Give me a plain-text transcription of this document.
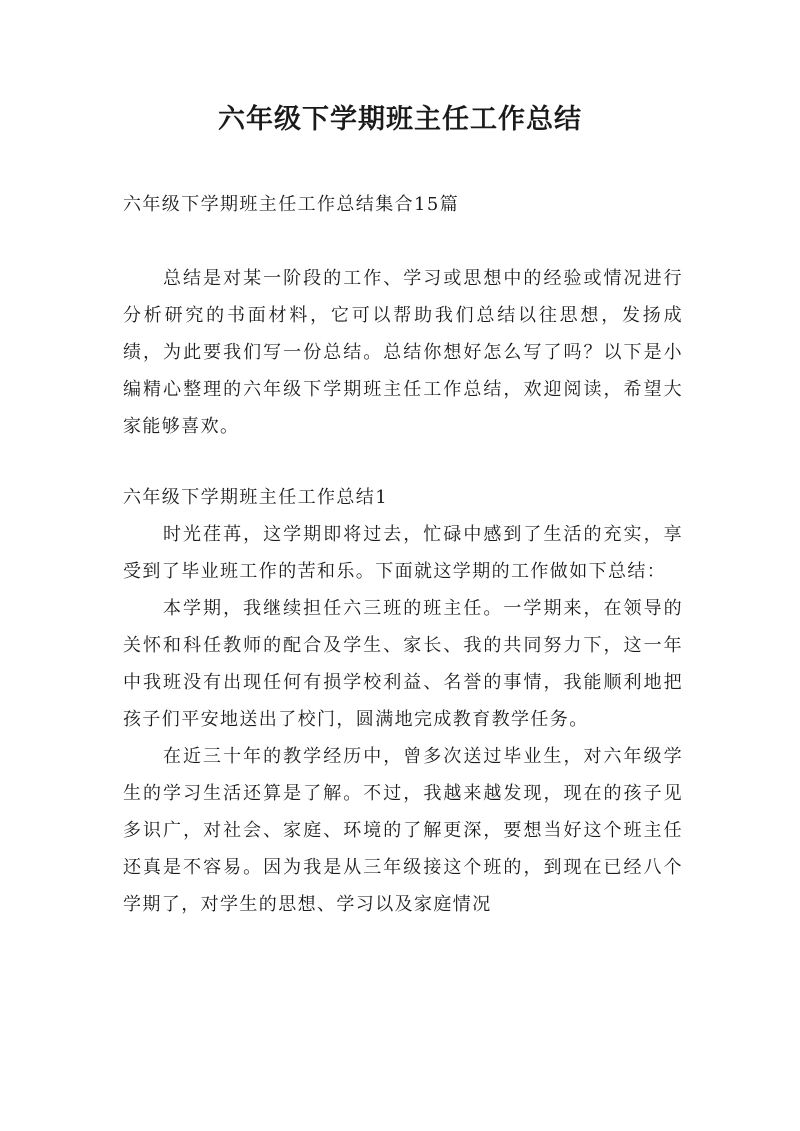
六年级下学期班主任工作总结

六年级下学期班主任工作总结集合15篇

总结是对某一阶段的工作、学习或思想中的经验或情况进行分析研究的书面材料，它可以帮助我们总结以往思想，发扬成绩，为此要我们写一份总结。总结你想好怎么写了吗？以下是小编精心整理的六年级下学期班主任工作总结，欢迎阅读，希望大家能够喜欢。

六年级下学期班主任工作总结1

时光荏苒，这学期即将过去，忙碌中感到了生活的充实，享受到了毕业班工作的苦和乐。下面就这学期的工作做如下总结：

本学期，我继续担任六三班的班主任。一学期来，在领导的关怀和科任教师的配合及学生、家长、我的共同努力下，这一年中我班没有出现任何有损学校利益、名誉的事情，我能顺利地把孩子们平安地送出了校门，圆满地完成教育教学任务。

在近三十年的教学经历中，曾多次送过毕业生，对六年级学生的学习生活还算是了解。不过，我越来越发现，现在的孩子见多识广，对社会、家庭、环境的了解更深，要想当好这个班主任还真是不容易。因为我是从三年级接这个班的，到现在已经八个学期了，对学生的思想、学习以及家庭情况
